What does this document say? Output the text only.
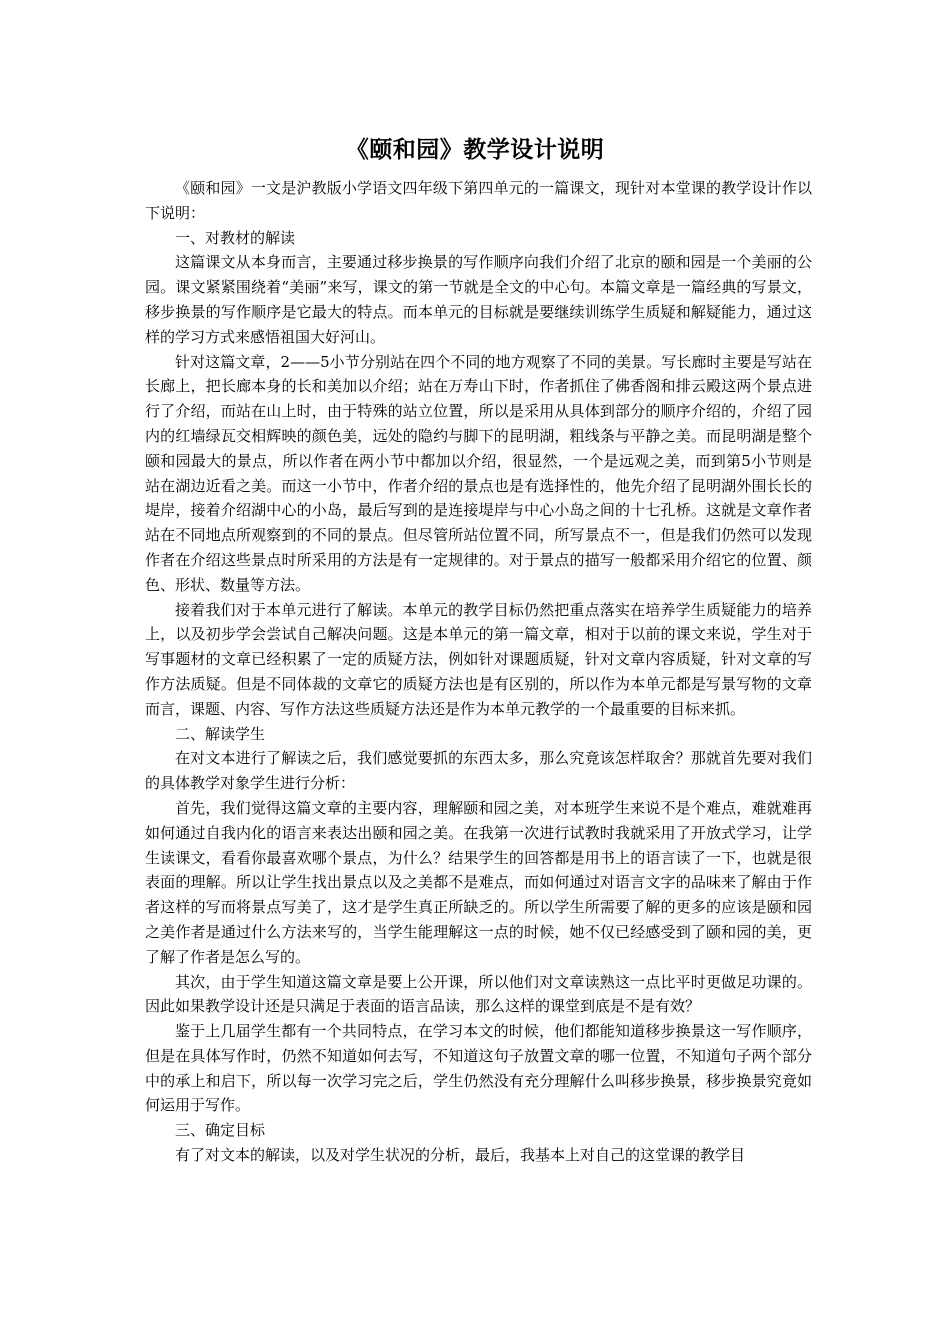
《颐和园》教学设计说明

《颐和园》一文是沪教版小学语文四年级下第四单元的一篇课文，现针对本堂课的教学设计作以下说明：

一、对教材的解读

这篇课文从本身而言，主要通过移步换景的写作顺序向我们介绍了北京的颐和园是一个美丽的公园。课文紧紧围绕着“美丽”来写，课文的第一节就是全文的中心句。本篇文章是一篇经典的写景文，移步换景的写作顺序是它最大的特点。而本单元的目标就是要继续训练学生质疑和解疑能力，通过这样的学习方式来感悟祖国大好河山。

针对这篇文章，2——5小节分别站在四个不同的地方观察了不同的美景。写长廊时主要是写站在长廊上，把长廊本身的长和美加以介绍；站在万寿山下时，作者抓住了佛香阁和排云殿这两个景点进行了介绍，而站在山上时，由于特殊的站立位置，所以是采用从具体到部分的顺序介绍的，介绍了园内的红墙绿瓦交相辉映的颜色美，远处的隐约与脚下的昆明湖，粗线条与平静之美。而昆明湖是整个颐和园最大的景点，所以作者在两小节中都加以介绍，很显然，一个是远观之美，而到第5小节则是站在湖边近看之美。而这一小节中，作者介绍的景点也是有选择性的，他先介绍了昆明湖外围长长的堤岸，接着介绍湖中心的小岛，最后写到的是连接堤岸与中心小岛之间的十七孔桥。这就是文章作者站在不同地点所观察到的不同的景点。但尽管所站位置不同，所写景点不一，但是我们仍然可以发现作者在介绍这些景点时所采用的方法是有一定规律的。对于景点的描写一般都采用介绍它的位置、颜色、形状、数量等方法。

接着我们对于本单元进行了解读。本单元的教学目标仍然把重点落实在培养学生质疑能力的培养上，以及初步学会尝试自己解决问题。这是本单元的第一篇文章，相对于以前的课文来说，学生对于写事题材的文章已经积累了一定的质疑方法，例如针对课题质疑，针对文章内容质疑，针对文章的写作方法质疑。但是不同体裁的文章它的质疑方法也是有区别的，所以作为本单元都是写景写物的文章而言，课题、内容、写作方法这些质疑方法还是作为本单元教学的一个最重要的目标来抓。

二、解读学生

在对文本进行了解读之后，我们感觉要抓的东西太多，那么究竟该怎样取舍？那就首先要对我们的具体教学对象学生进行分析：

首先，我们觉得这篇文章的主要内容，理解颐和园之美，对本班学生来说不是个难点，难就难再如何通过自我内化的语言来表达出颐和园之美。在我第一次进行试教时我就采用了开放式学习，让学生读课文，看看你最喜欢哪个景点，为什么？结果学生的回答都是用书上的语言读了一下，也就是很表面的理解。所以让学生找出景点以及之美都不是难点，而如何通过对语言文字的品味来了解由于作者这样的写而将景点写美了，这才是学生真正所缺乏的。所以学生所需要了解的更多的应该是颐和园之美作者是通过什么方法来写的，当学生能理解这一点的时候，她不仅已经感受到了颐和园的美，更了解了作者是怎么写的。

其次，由于学生知道这篇文章是要上公开课，所以他们对文章读熟这一点比平时更做足功课的。因此如果教学设计还是只满足于表面的语言品读，那么这样的课堂到底是不是有效？

鉴于上几届学生都有一个共同特点，在学习本文的时候，他们都能知道移步换景这一写作顺序，但是在具体写作时，仍然不知道如何去写，不知道这句子放置文章的哪一位置，不知道句子两个部分中的承上和启下，所以每一次学习完之后，学生仍然没有充分理解什么叫移步换景，移步换景究竟如何运用于写作。

三、确定目标

有了对文本的解读，以及对学生状况的分析，最后，我基本上对自己的这堂课的教学目
